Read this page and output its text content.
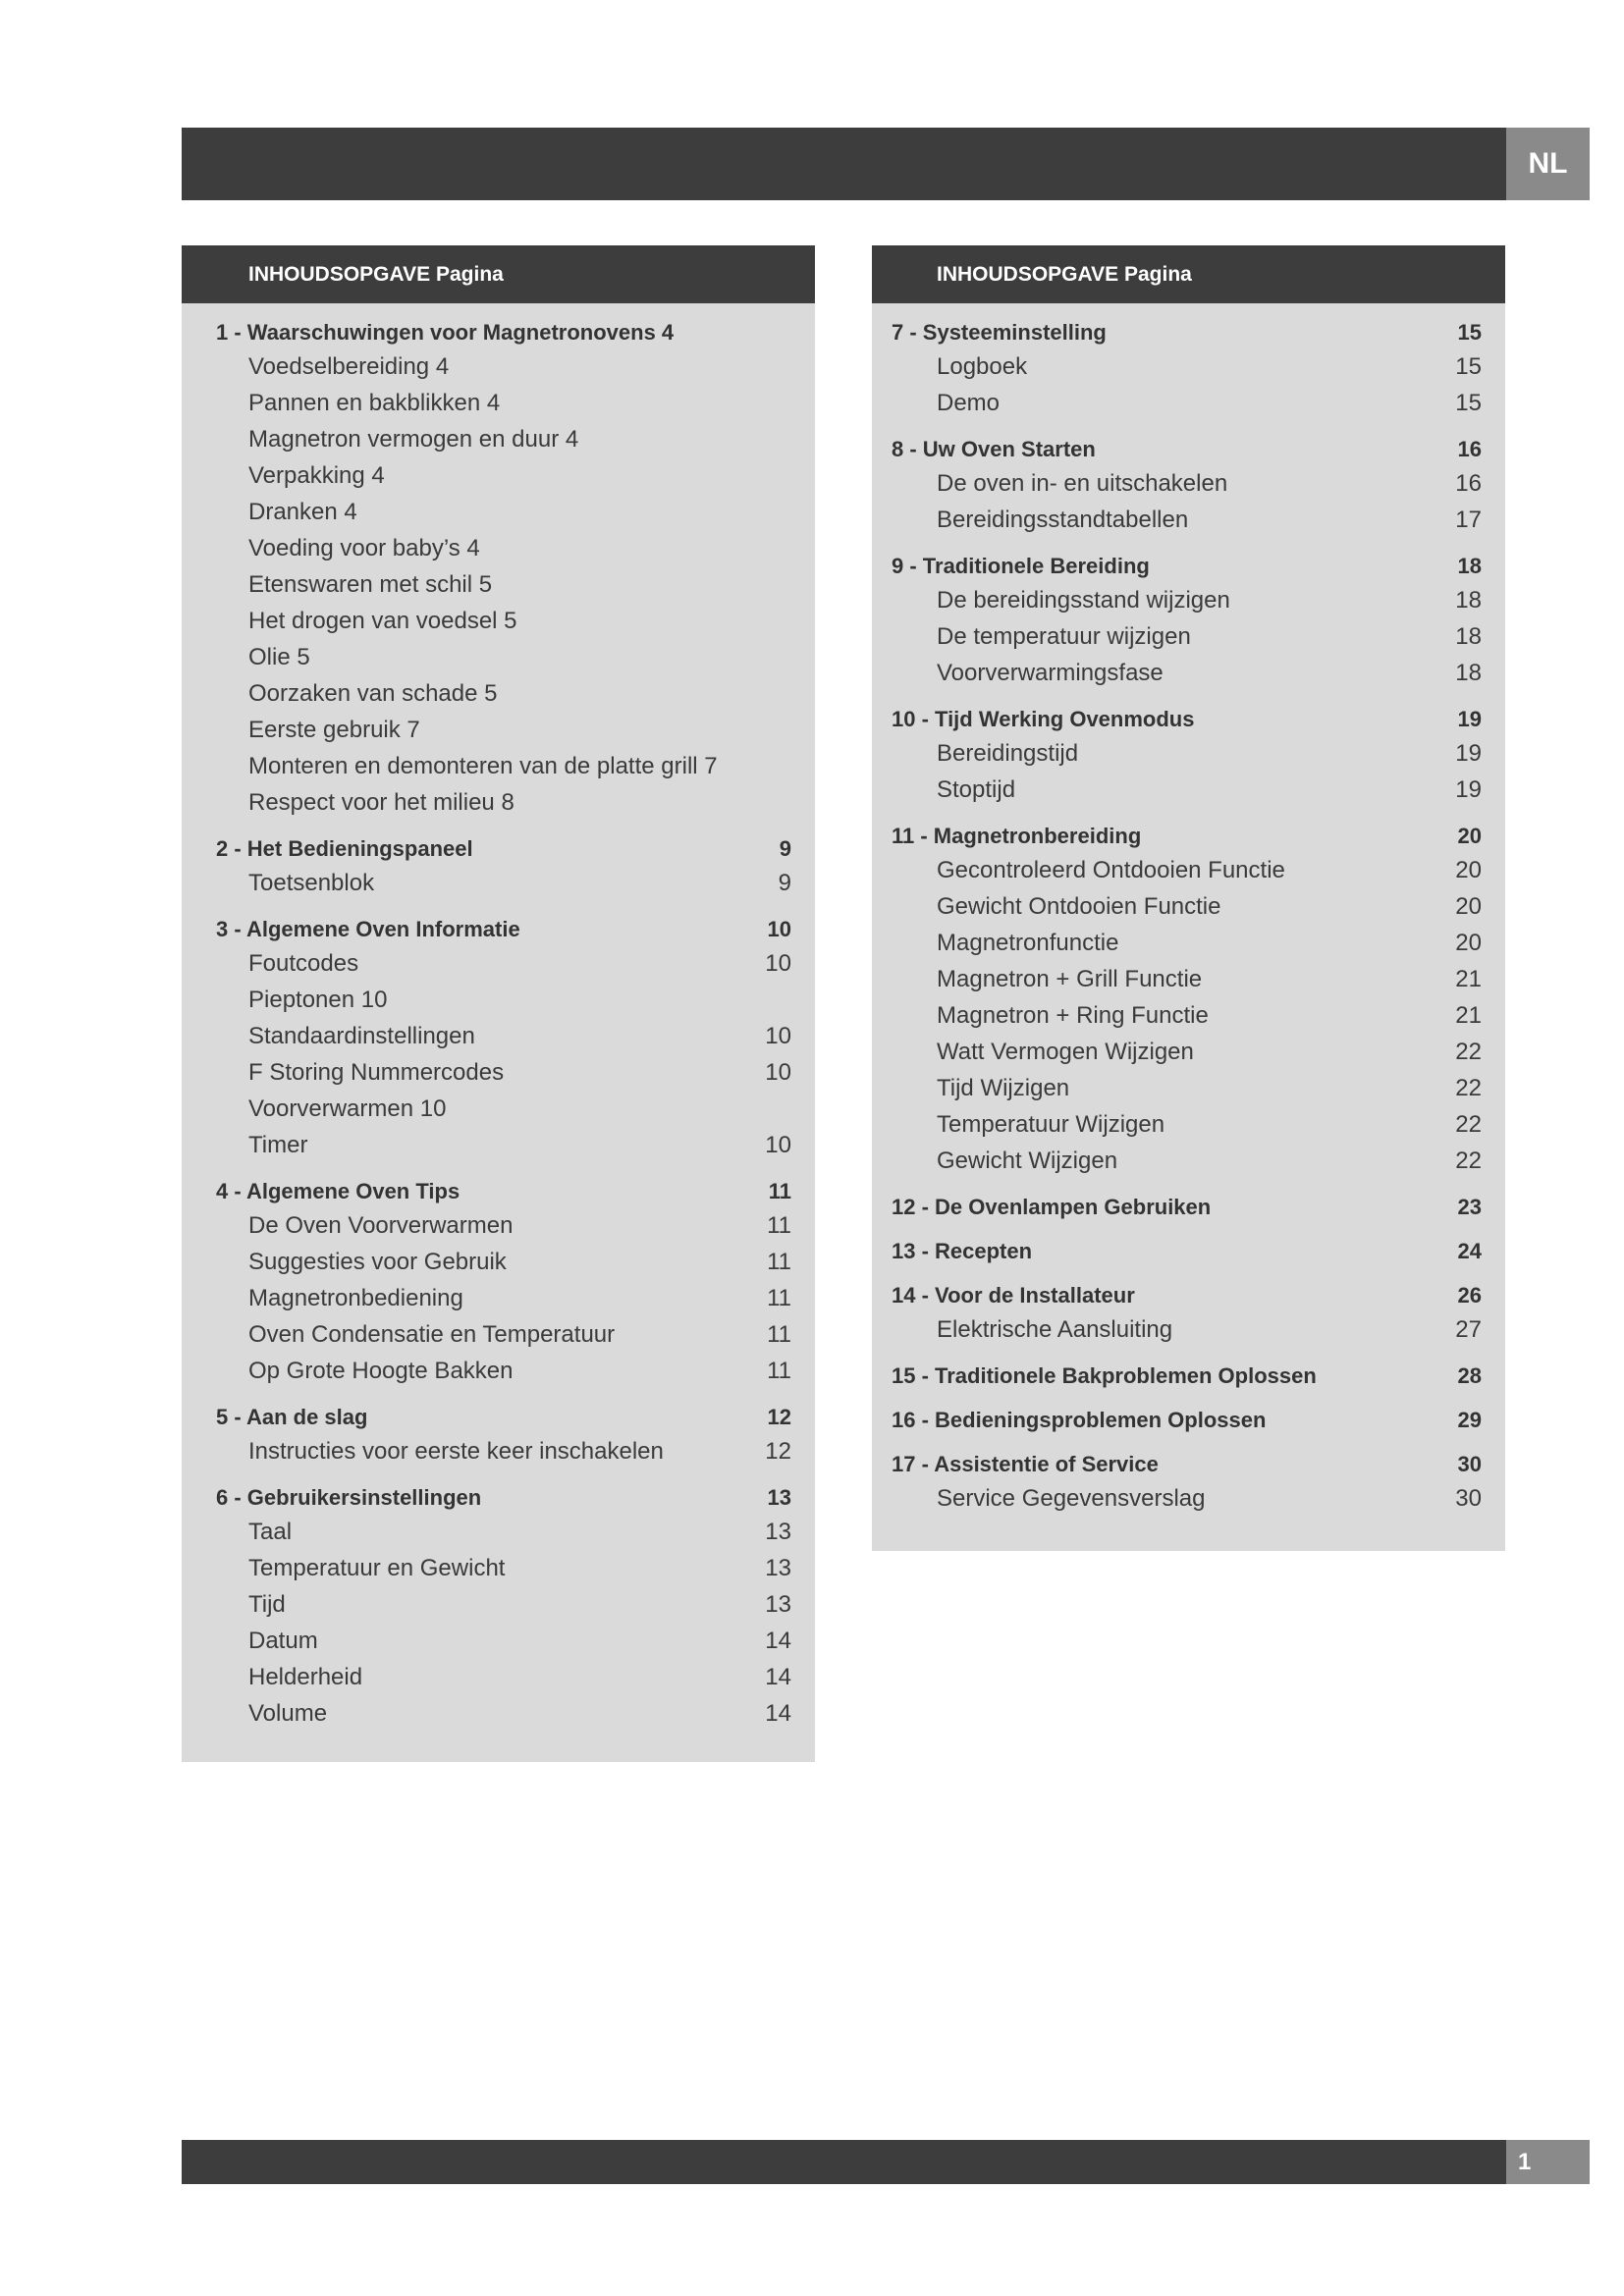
NL
INHOUDSOPGAVE Pagina
1 - Waarschuwingen voor Magnetronovens 4
Voedselbereiding 4
Pannen en bakblikken 4
Magnetron vermogen en duur 4
Verpakking 4
Dranken 4
Voeding voor baby’s 4
Etenswaren met schil 5
Het drogen van voedsel 5
Olie 5
Oorzaken van schade 5
Eerste gebruik 7
Monteren en demonteren van de platte grill 7
Respect voor het milieu 8
2 - Het Bedieningspaneel	9
Toetsenblok	9
3 - Algemene Oven Informatie	10
Foutcodes	10
Pieptonen 10
Standaardinstellingen	10
F Storing Nummercodes	10
Voorverwarmen 10
Timer	10
4 - Algemene Oven Tips	11
De Oven Voorverwarmen	11
Suggesties voor Gebruik	11
Magnetronbediening	11
Oven Condensatie en Temperatuur	11
Op Grote Hoogte Bakken	11
5 - Aan de slag	12
Instructies voor eerste keer inschakelen	12
6 - Gebruikersinstellingen	13
Taal	13
Temperatuur en Gewicht	13
Tijd	13
Datum	14
Helderheid	14
Volume	14
INHOUDSOPGAVE Pagina
7 - Systeeminstelling	15
Logboek	15
Demo	15
8 - Uw Oven Starten	16
De oven in- en uitschakelen	16
Bereidingsstandtabellen	17
9 - Traditionele Bereiding	18
De bereidingsstand wijzigen	18
De temperatuur wijzigen	18
Voorverwarmingsfase	18
10 - Tijd Werking Ovenmodus	19
Bereidingstijd	19
Stoptijd	19
11 - Magnetronbereiding	20
Gecontroleerd Ontdooien Functie	20
Gewicht Ontdooien Functie	20
Magnetronfunctie	20
Magnetron + Grill Functie	21
Magnetron + Ring Functie	21
Watt Vermogen Wijzigen	22
Tijd Wijzigen	22
Temperatuur Wijzigen	22
Gewicht Wijzigen	22
12 - De Ovenlampen Gebruiken	23
13 - Recepten	24
14 - Voor de Installateur	26
Elektrische Aansluiting	27
15 - Traditionele Bakproblemen Oplossen	28
16 - Bedieningsproblemen Oplossen	29
17 - Assistentie of Service	30
Service Gegevensverslag	30
1
